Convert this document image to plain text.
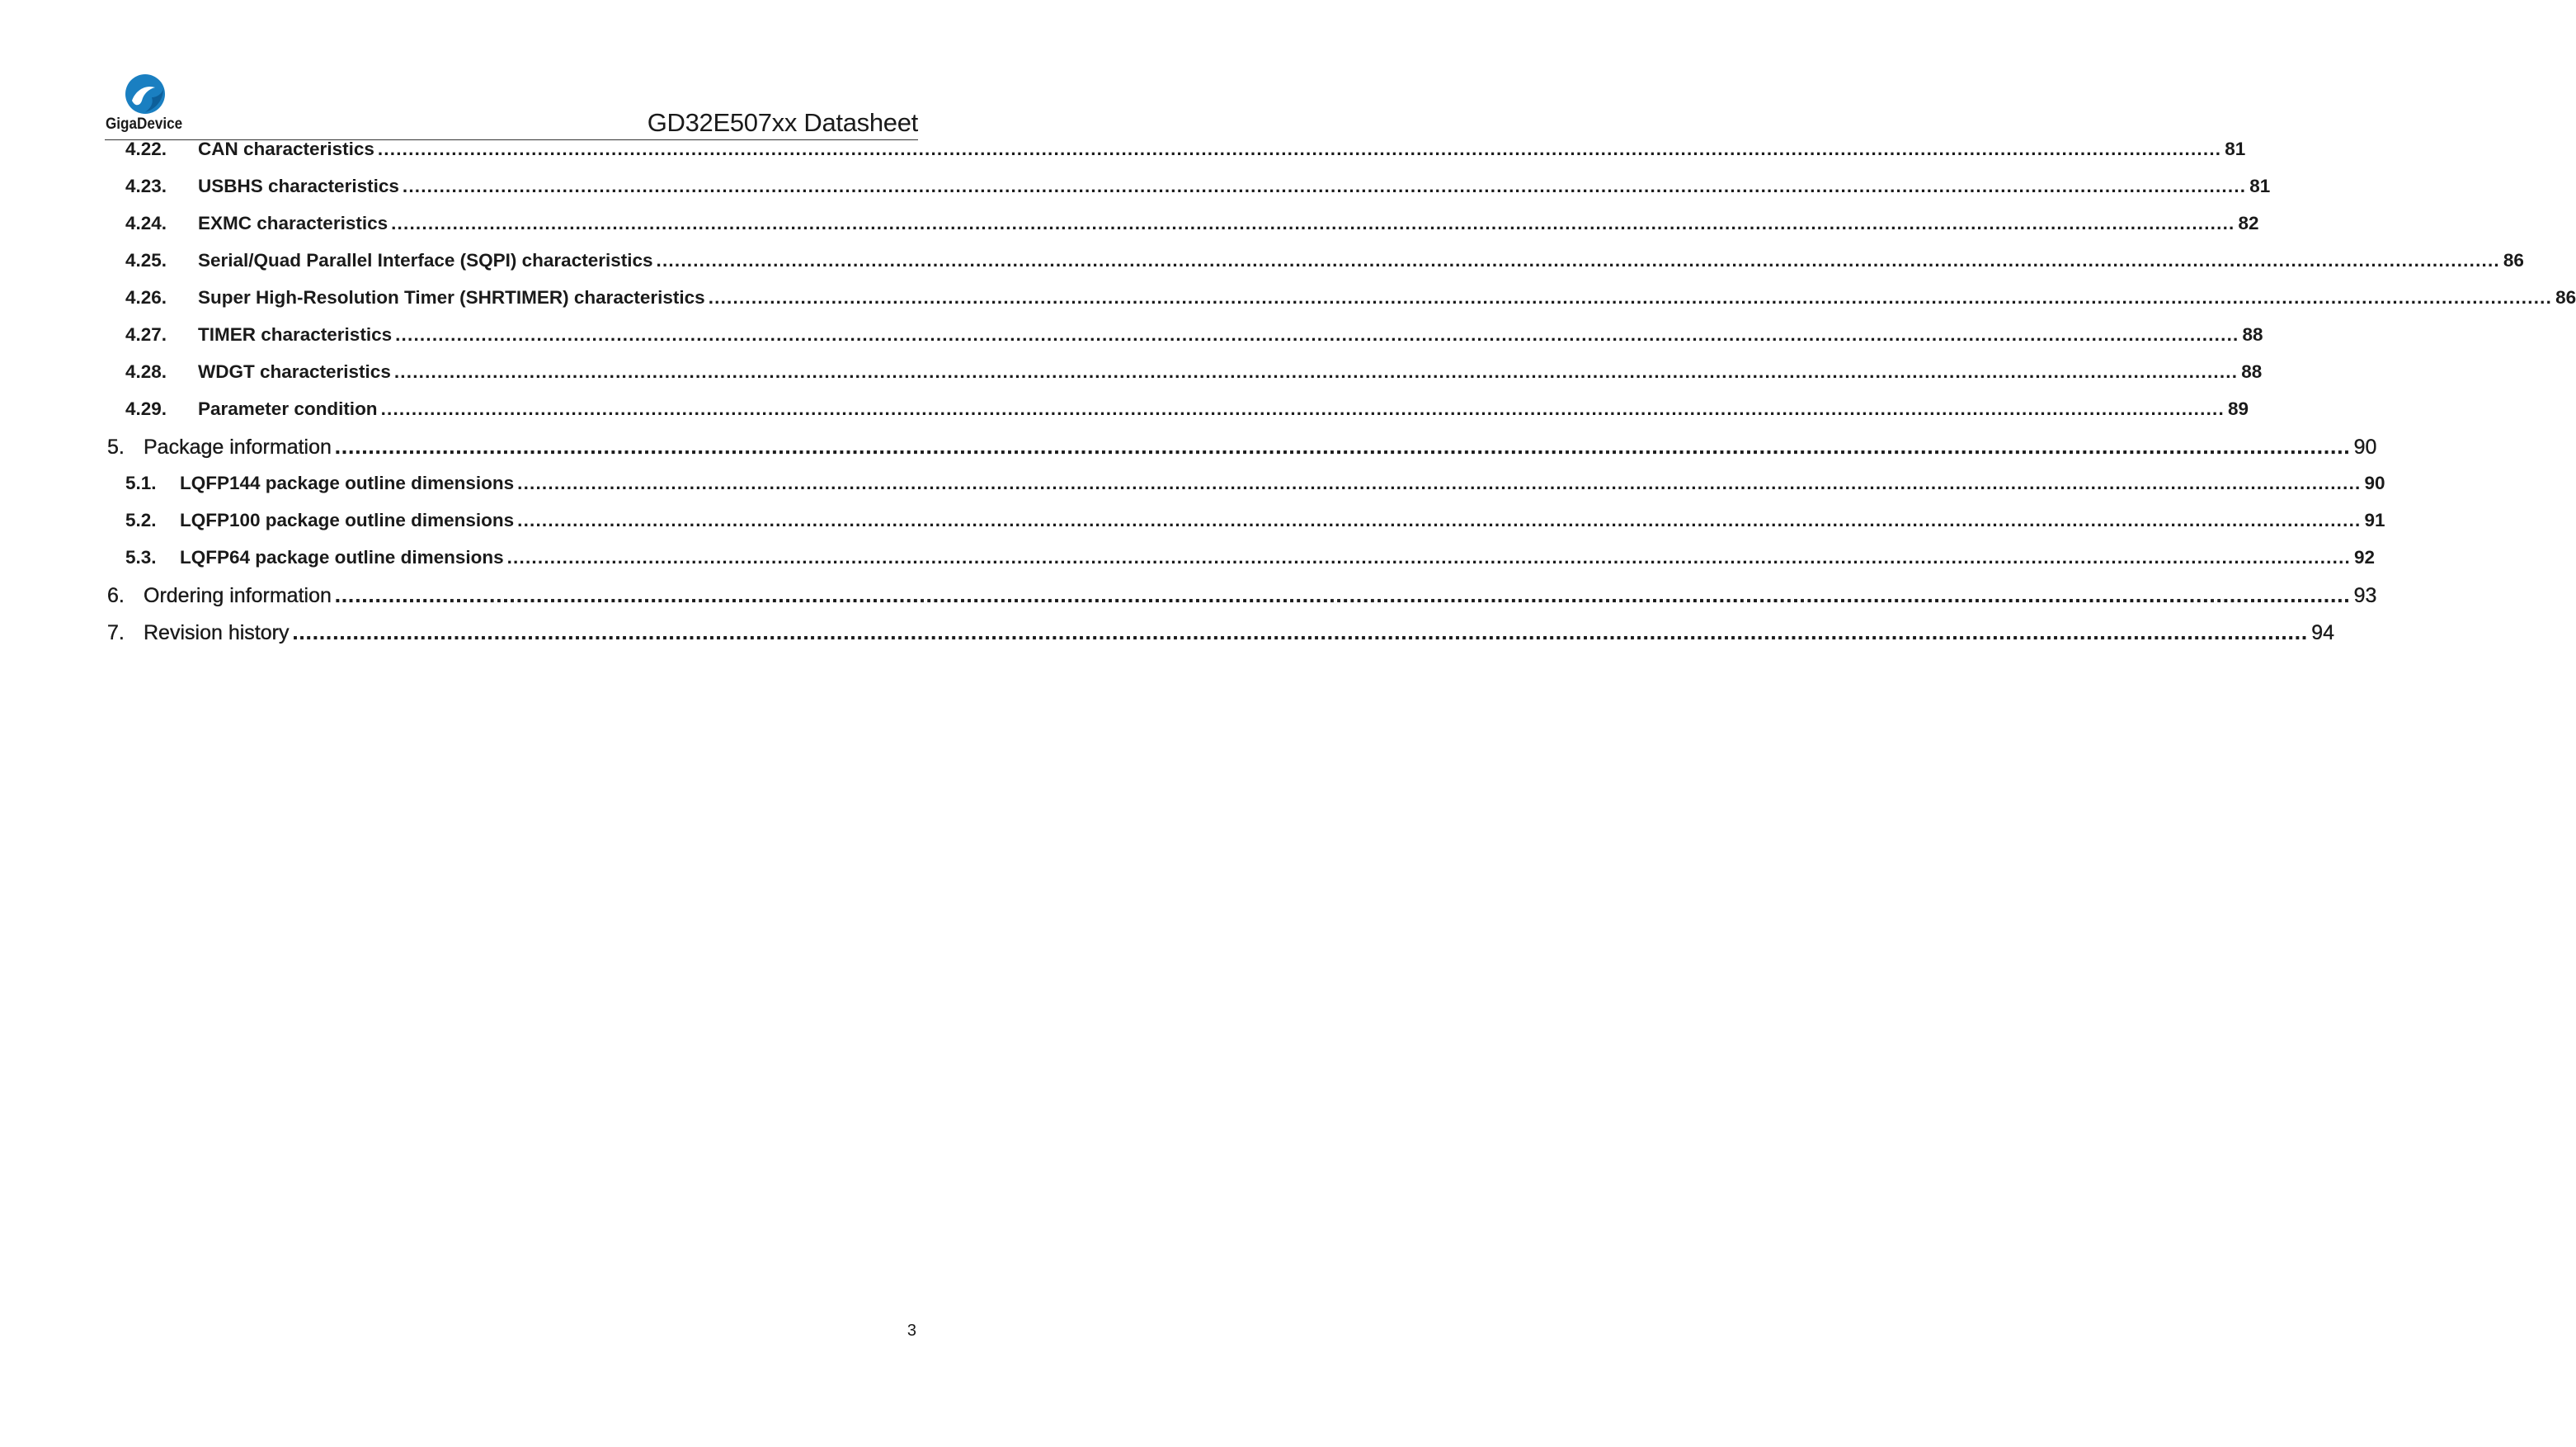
GigaDevice	GD32E507xx Datasheet
4.22.	CAN characteristics ............................................................................................................................................................................................................................................................................................................ 81
4.23.	USBHS characteristics ............................................................................................................................................................................................................................................................................................................ 81
4.24.	EXMC characteristics ............................................................................................................................................................................................................................................................................................................ 82
4.25.	Serial/Quad Parallel Interface (SQPI) characteristics ............................................................................................................................................................................................................................................................................................................ 86
4.26.	Super High-Resolution Timer (SHRTIMER) characteristics ............................................................................................................................................................................................................................................................................................................ 86
4.27.	TIMER characteristics ............................................................................................................................................................................................................................................................................................................ 88
4.28.	WDGT characteristics ............................................................................................................................................................................................................................................................................................................ 88
4.29.	Parameter condition ............................................................................................................................................................................................................................................................................................................ 89
5. Package information ............................................................................................................................................................................................................................................................................................................ 90
5.1.	LQFP144 package outline dimensions ............................................................................................................................................................................................................................................................................................................ 90
5.2.	LQFP100 package outline dimensions ............................................................................................................................................................................................................................................................................................................ 91
5.3.	LQFP64 package outline dimensions ............................................................................................................................................................................................................................................................................................................ 92
6. Ordering information ............................................................................................................................................................................................................................................................................................................ 93
7. Revision history ............................................................................................................................................................................................................................................................................................................ 94
3
